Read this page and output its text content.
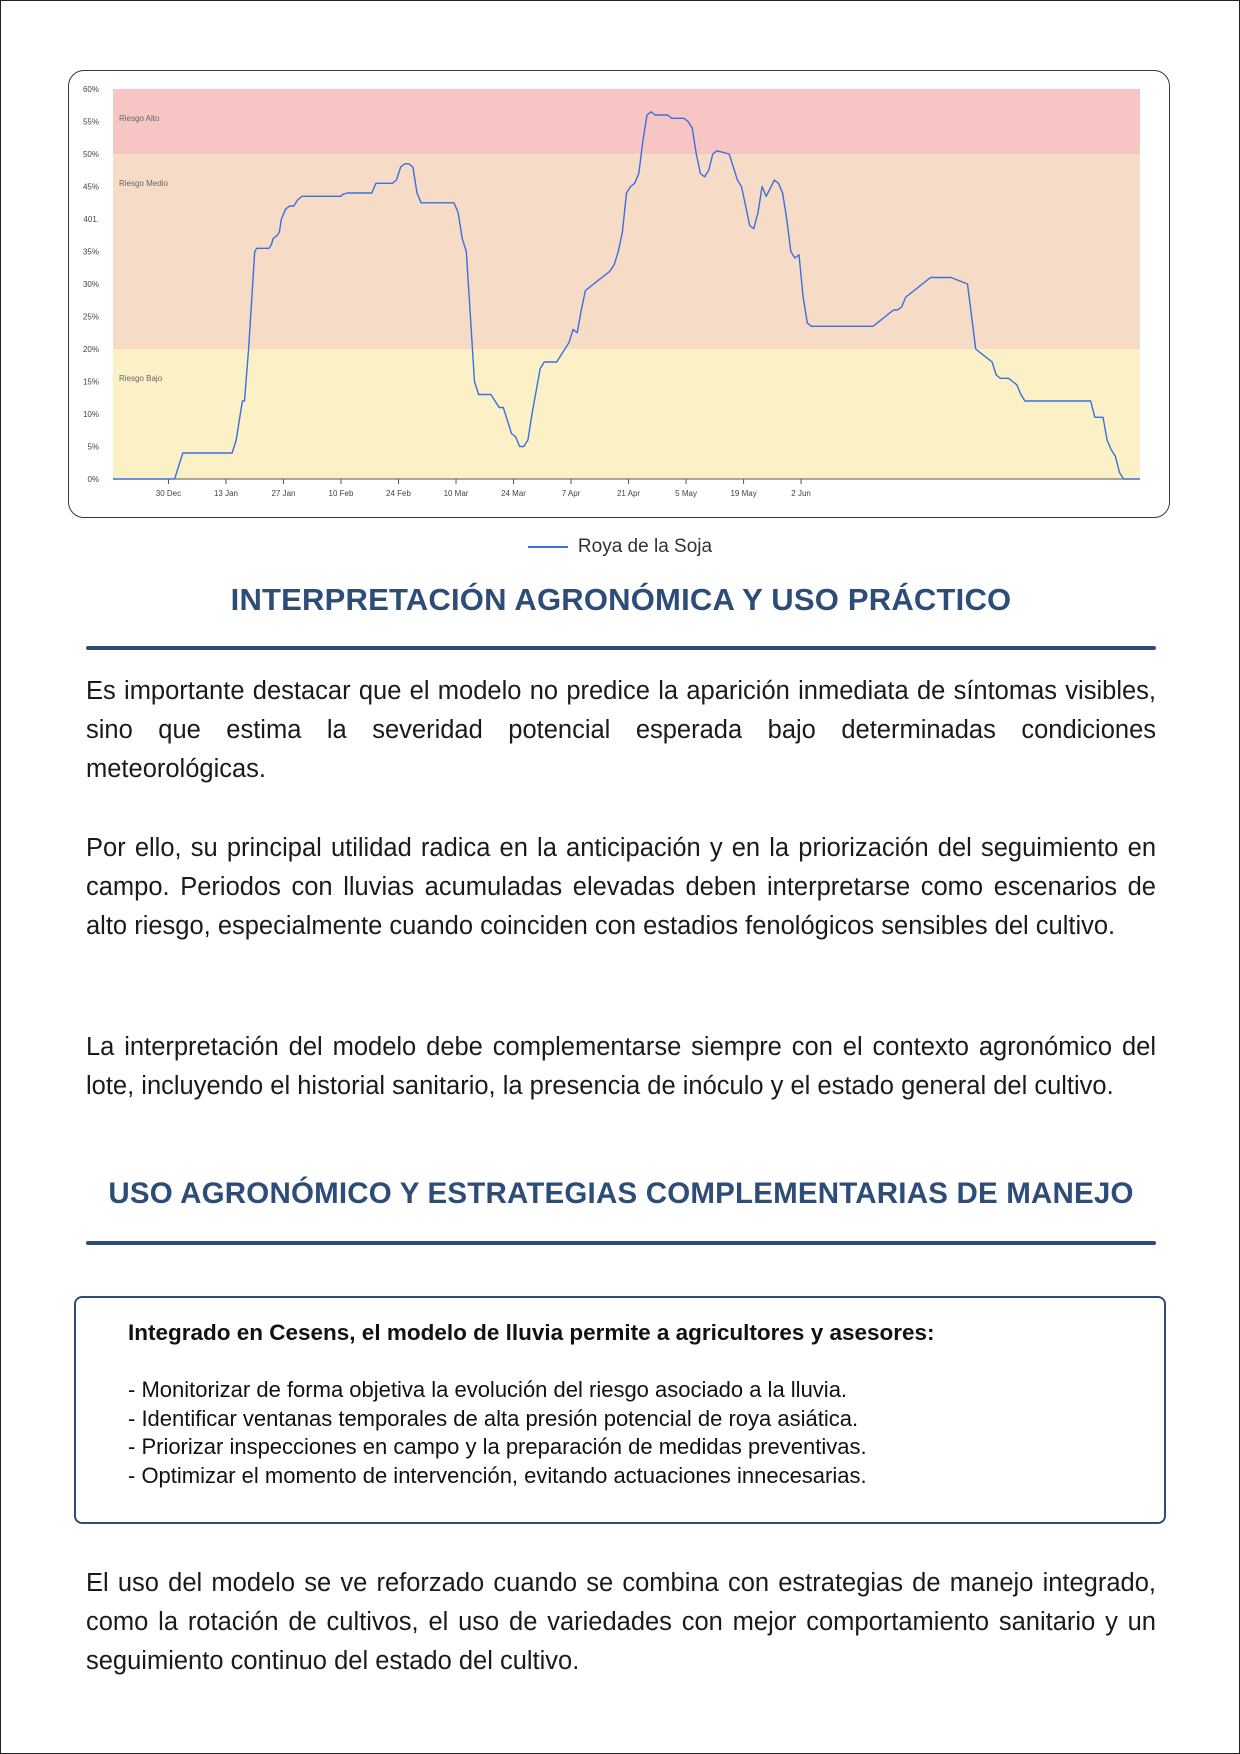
Riesgo Bajo
Riesgo Medio
Riesgo Alto
0%
5%
10%
15%
20%
25%
30%
35%
401.
45%
50%
55%
60%
30 Dec	13 Jan	27 Jan	10 Feb	24 Feb	10 Mar	24 Mar	7 Apr	21 Apr	5 May	19 May	2 Jun
Roya de la Soja
INTERPRETACIÓN AGRONÓMICA Y USO PRÁCTICO

Es importante destacar que el modelo no predice la aparición inmediata de síntomas visibles, sino que estima la severidad potencial esperada bajo determinadas condiciones meteorológicas.

Por ello, su principal utilidad radica en la anticipación y en la priorización del seguimiento en campo. Periodos con lluvias acumuladas elevadas deben interpretarse como escenarios de alto riesgo, especialmente cuando coinciden con estadios fenológicos sensibles del cultivo.

La interpretación del modelo debe complementarse siempre con el contexto agronómico del lote, incluyendo el historial sanitario, la presencia de inóculo y el estado general del cultivo.

USO AGRONÓMICO Y ESTRATEGIAS COMPLEMENTARIAS DE MANEJO
Integrado en Cesens, el modelo de lluvia permite a agricultores y asesores:
- Monitorizar de forma objetiva la evolución del riesgo asociado a la lluvia.
- Identificar ventanas temporales de alta presión potencial de roya asiática.
- Priorizar inspecciones en campo y la preparación de medidas preventivas.
- Optimizar el momento de intervención, evitando actuaciones innecesarias.

El uso del modelo se ve reforzado cuando se combina con estrategias de manejo integrado, como la rotación de cultivos, el uso de variedades con mejor comportamiento sanitario y un seguimiento continuo del estado del cultivo.
